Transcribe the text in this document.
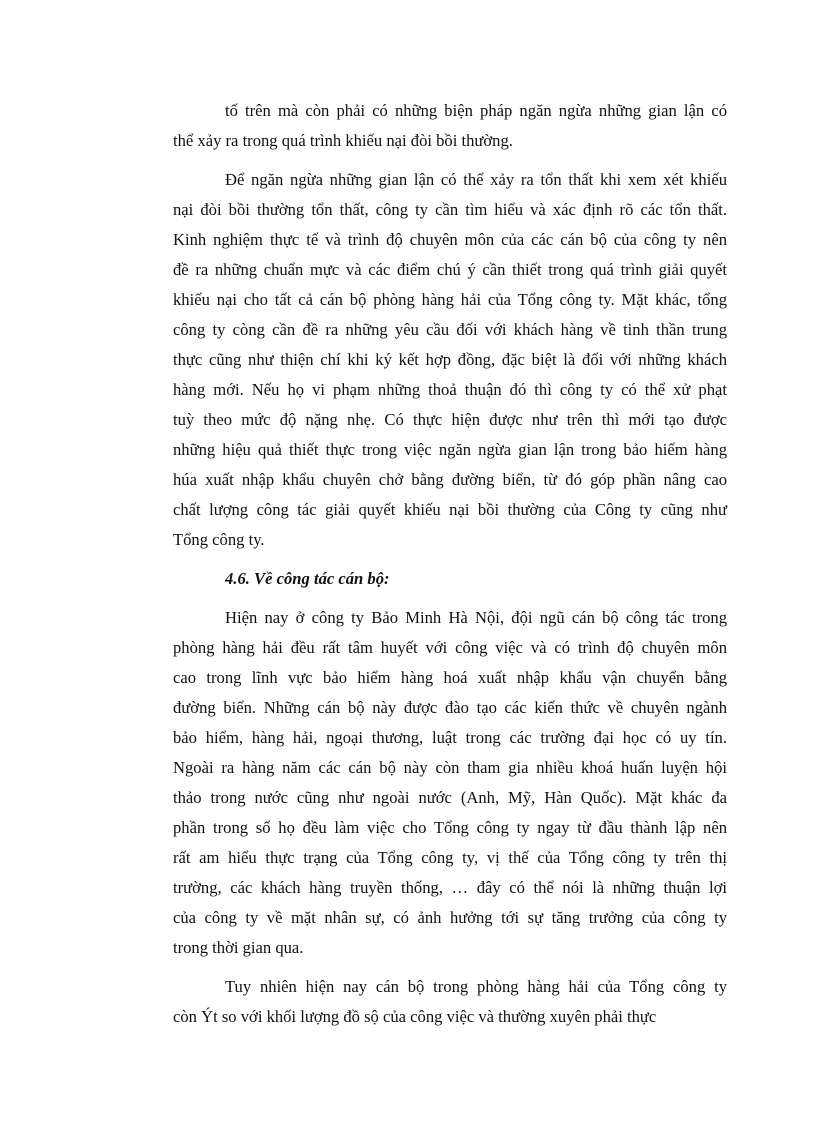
tố trên mà còn phải có những biện pháp ngăn ngừa những gian lận có

thể xảy ra trong quá trình khiếu nại đòi bồi thường.

Để ngăn ngừa những gian lận có thể xảy ra tổn thất khi xem xét khiếu

nại đòi bồi thường tổn thất, công ty cần tìm hiểu và xác định rõ các tổn thất.

Kinh nghiệm thực tế và trình độ chuyên môn của các cán bộ của công ty nên

đề ra những chuẩn mực và các điểm chú ý cần thiết trong quá trình giải quyết

khiếu nại cho tất cả cán bộ phòng hàng hải của Tổng công ty. Mặt khác, tổng

công ty còng cần đề ra những yêu cầu đối với khách hàng về tinh thần trung

thực cũng như thiện chí khi ký kết hợp đồng, đặc biệt là đối với những khách

hàng mới. Nếu họ vi phạm những thoả thuận đó thì công ty có thể xử phạt

tuỳ theo mức độ nặng nhẹ. Có thực hiện được như trên thì mới tạo được

những hiệu quả thiết thực trong việc ngăn ngừa gian lận trong bảo hiểm hàng

húa xuất nhập khẩu chuyên chở bằng đường biển, từ đó góp phần nâng cao

chất lượng công tác giải quyết khiếu nại bồi thường của Công ty cũng như

Tổng công ty.

4.6. Về công tác cán bộ:

Hiện nay ở công ty Bảo Minh Hà Nội, đội ngũ cán bộ công tác trong

phòng hàng hải đều rất tâm huyết với công việc và có trình độ chuyên môn

cao trong lĩnh vực bảo hiểm hàng hoá xuất nhập khẩu vận chuyển bằng

đường biển. Những cán bộ này được đào tạo các kiến thức về chuyên ngành

bảo hiểm, hàng hải, ngoại thương, luật trong các trường đại học có uy tín.

Ngoài ra hàng năm các cán bộ này còn tham gia nhiều khoá huấn luyện hội

thảo trong nước cũng như ngoài nước (Anh, Mỹ, Hàn Quốc). Mặt khác đa

phần trong số họ đều làm việc cho Tổng công ty ngay từ đầu thành lập nên

rất am hiểu thực trạng của Tổng công ty, vị thế của Tổng công ty trên thị

trường, các khách hàng truyền thống, … đây có thể nói là những thuận lợi

của công ty về mặt nhân sự, có ảnh hưởng tới sự tăng trưởng của công ty

trong thời gian qua.

Tuy nhiên hiện nay cán bộ trong phòng hàng hải của Tổng công ty

còn Ýt so với khối lượng đồ sộ của công việc và thường xuyên phải thực
